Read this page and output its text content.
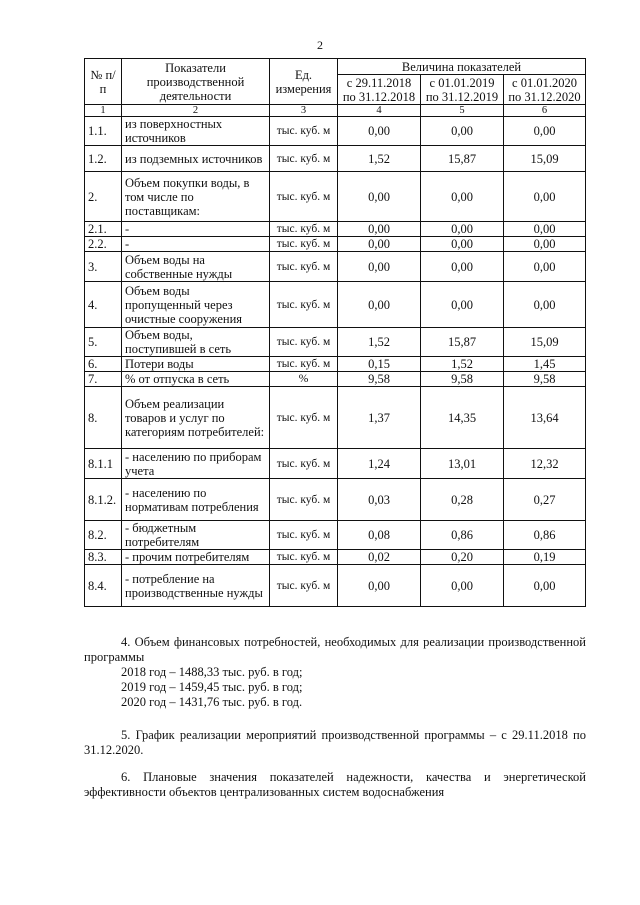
2
№ п/п	Показатели производственной деятельности	Ед. измерения	Величина показателей		
			с 29.11.2018 по 31.12.2018	с 01.01.2019 по 31.12.2019	с 01.01.2020 по 31.12.2020
1	2	3	4	5	6
1.1.	из поверхностных источников	тыс. куб. м	0,00	0,00	0,00
1.2.	из подземных источников	тыс. куб. м	1,52	15,87	15,09
2.	Объем покупки воды, в том числе по поставщикам:	тыс. куб. м	0,00	0,00	0,00
2.1.	-	тыс. куб. м	0,00	0,00	0,00
2.2.	-	тыс. куб. м	0,00	0,00	0,00
3.	Объем воды на собственные нужды	тыс. куб. м	0,00	0,00	0,00
4.	Объем воды пропущенный через очистные сооружения	тыс. куб. м	0,00	0,00	0,00
5.	Объем воды, поступившей в сеть	тыс. куб. м	1,52	15,87	15,09
6.	Потери воды	тыс. куб. м	0,15	1,52	1,45
7.	% от отпуска в сеть	%	9,58	9,58	9,58
8.	Объем реализации товаров и услуг по категориям потребителей:	тыс. куб. м	1,37	14,35	13,64
8.1.1	- населению по приборам учета	тыс. куб. м	1,24	13,01	12,32
8.1.2.	- населению по нормативам потребления	тыс. куб. м	0,03	0,28	0,27
8.2.	- бюджетным потребителям	тыс. куб. м	0,08	0,86	0,86
8.3.	- прочим потребителям	тыс. куб. м	0,02	0,20	0,19
8.4.	- потребление на производственные нужды	тыс. куб. м	0,00	0,00	0,00
4. Объем финансовых потребностей, необходимых для реализации производственной программы
2018 год – 1488,33 тыс. руб. в год;
2019 год – 1459,45 тыс. руб. в год;
2020 год – 1431,76 тыс. руб. в год.
5. График реализации мероприятий производственной программы – с 29.11.2018 по 31.12.2020.
6. Плановые значения показателей надежности, качества и энергетической эффективности объектов централизованных систем водоснабжения
